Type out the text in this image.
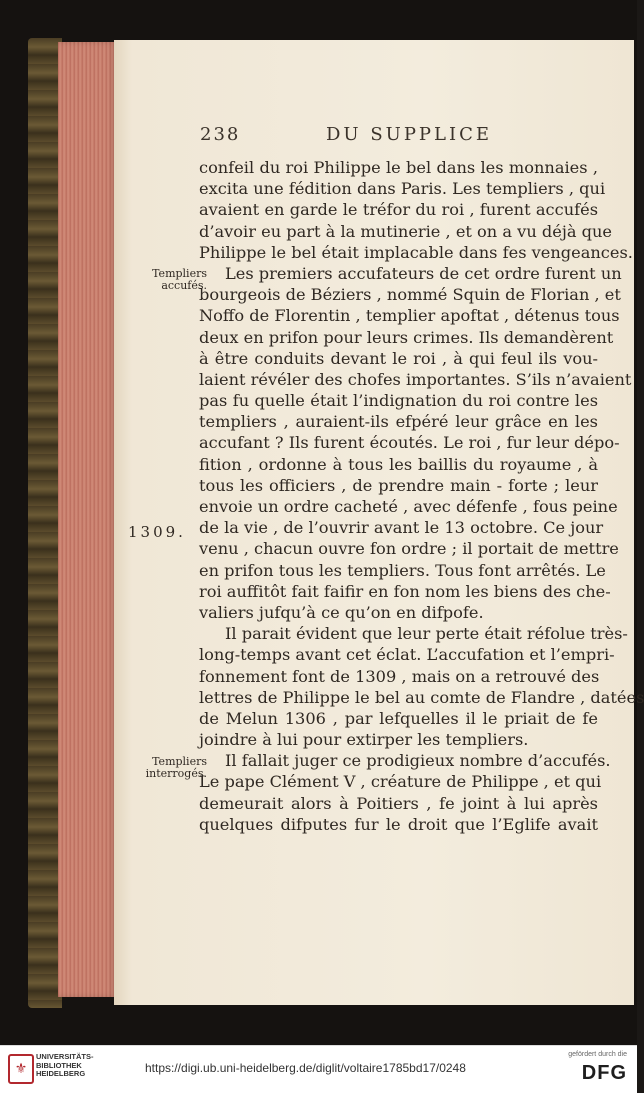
238	DU SUPPLICE
Templiers
accufés.
1309.
Templiers
interrogés.
confeil du roi Philippe le bel dans les monnaies ,
excita une fédition dans Paris. Les templiers , qui
avaient en garde le tréfor du roi , furent accufés
d’avoir eu part à la mutinerie , et on a vu déjà que
Philippe le bel était implacable dans fes vengeances.
Les premiers accufateurs de cet ordre furent un
bourgeois de Béziers , nommé Squin de Florian , et
Noffo de Florentin , templier apoftat , détenus tous
deux en prifon pour leurs crimes. Ils demandèrent
à être conduits devant le roi , à qui feul ils vou-
laient révéler des chofes importantes. S’ils n’avaient
pas fu quelle était l’indignation du roi contre les
templiers , auraient-ils efpéré leur grâce en les
accufant ? Ils furent écoutés. Le roi , fur leur dépo-
fition , ordonne à tous les baillis du royaume , à
tous les officiers , de prendre main - forte ; leur
envoie un ordre cacheté , avec défenfe , fous peine
de la vie , de l’ouvrir avant le 13 octobre. Ce jour
venu , chacun ouvre fon ordre ; il portait de mettre
en prifon tous les templiers. Tous font arrêtés. Le
roi auffitôt fait faifir en fon nom les biens des che-
valiers jufqu’à ce qu’on en difpofe.
Il parait évident que leur perte était réfolue très-
long-temps avant cet éclat. L’accufation et l’empri-
fonnement font de 1309 , mais on a retrouvé des
lettres de Philippe le bel au comte de Flandre , datées
de Melun 1306 , par lefquelles il le priait de fe
joindre à lui pour extirper les templiers.
Il fallait juger ce prodigieux nombre d’accufés.
Le pape Clément V , créature de Philippe , et qui
demeurait alors à Poitiers , fe joint à lui après
quelques difputes fur le droit que l’Eglife avait
⚜
UNIVERSITÄTS-
BIBLIOTHEK
HEIDELBERG	https://digi.ub.uni-heidelberg.de/diglit/voltaire1785bd17/0248
gefördert durch die
DFG
